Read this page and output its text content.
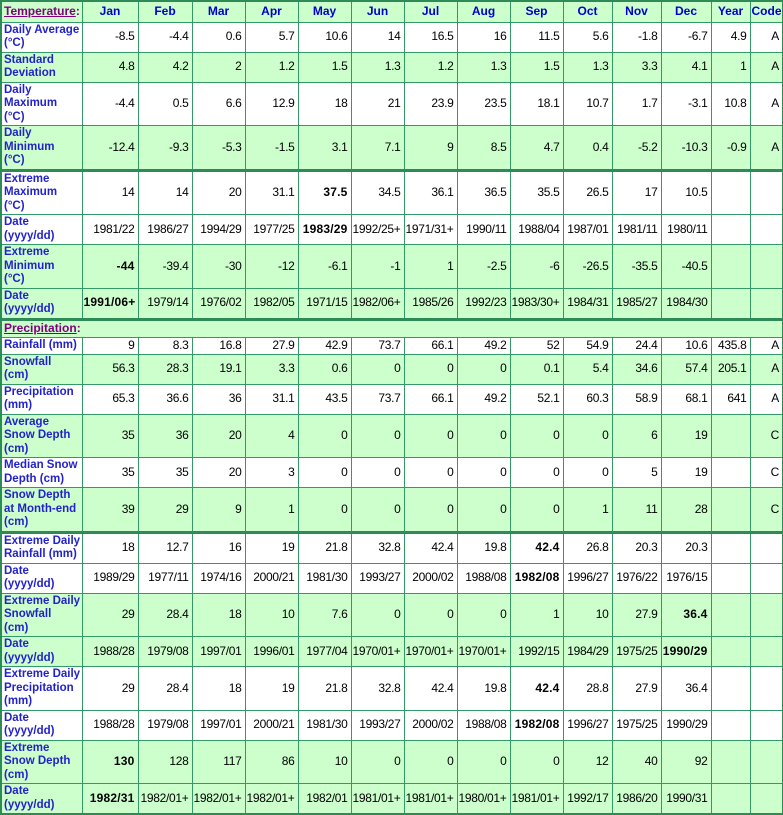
Temperature:	Jan	Feb	Mar	Apr	May	Jun	Jul	Aug	Sep	Oct	Nov	Dec	Year	Code
Daily Average
(°C)	-8.5	-4.4	0.6	5.7	10.6	14	16.5	16	11.5	5.6	-1.8	-6.7	4.9	A
Standard
Deviation	4.8	4.2	2	1.2	1.5	1.3	1.2	1.3	1.5	1.3	3.3	4.1	1	A
Daily
Maximum
(°C)	-4.4	0.5	6.6	12.9	18	21	23.9	23.5	18.1	10.7	1.7	-3.1	10.8	A
Daily
Minimum
(°C)	-12.4	-9.3	-5.3	-1.5	3.1	7.1	9	8.5	4.7	0.4	-5.2	-10.3	-0.9	A
Extreme
Maximum
(°C)	14	14	20	31.1	37.5	34.5	36.1	36.5	35.5	26.5	17	10.5		
Date
(yyyy/dd)	1981/22	1986/27	1994/29	1977/25	1983/29	1992/25+	1971/31+	1990/11	1988/04	1987/01	1981/11	1980/11		
Extreme
Minimum
(°C)	-44	-39.4	-30	-12	-6.1	-1	1	-2.5	-6	-26.5	-35.5	-40.5		
Date
(yyyy/dd)	1991/06+	1979/14	1976/02	1982/05	1971/15	1982/06+	1985/26	1992/23	1983/30+	1984/31	1985/27	1984/30		
Precipitation:														
Rainfall (mm)	9	8.3	16.8	27.9	42.9	73.7	66.1	49.2	52	54.9	24.4	10.6	435.8	A
Snowfall
(cm)	56.3	28.3	19.1	3.3	0.6	0	0	0	0.1	5.4	34.6	57.4	205.1	A
Precipitation
(mm)	65.3	36.6	36	31.1	43.5	73.7	66.1	49.2	52.1	60.3	58.9	68.1	641	A
Average
Snow Depth
(cm)	35	36	20	4	0	0	0	0	0	0	6	19		C
Median Snow
Depth (cm)	35	35	20	3	0	0	0	0	0	0	5	19		C
Snow Depth
at Month-end
(cm)	39	29	9	1	0	0	0	0	0	1	11	28		C
Extreme Daily
Rainfall (mm)	18	12.7	16	19	21.8	32.8	42.4	19.8	42.4	26.8	20.3	20.3		
Date
(yyyy/dd)	1989/29	1977/11	1974/16	2000/21	1981/30	1993/27	2000/02	1988/08	1982/08	1996/27	1976/22	1976/15		
Extreme Daily
Snowfall
(cm)	29	28.4	18	10	7.6	0	0	0	1	10	27.9	36.4		
Date
(yyyy/dd)	1988/28	1979/08	1997/01	1996/01	1977/04	1970/01+	1970/01+	1970/01+	1992/15	1984/29	1975/25	1990/29		
Extreme Daily
Precipitation
(mm)	29	28.4	18	19	21.8	32.8	42.4	19.8	42.4	28.8	27.9	36.4		
Date
(yyyy/dd)	1988/28	1979/08	1997/01	2000/21	1981/30	1993/27	2000/02	1988/08	1982/08	1996/27	1975/25	1990/29		
Extreme
Snow Depth
(cm)	130	128	117	86	10	0	0	0	0	12	40	92		
Date
(yyyy/dd)	1982/31	1982/01+	1982/01+	1982/01+	1982/01	1981/01+	1981/01+	1980/01+	1981/01+	1992/17	1986/20	1990/31		
